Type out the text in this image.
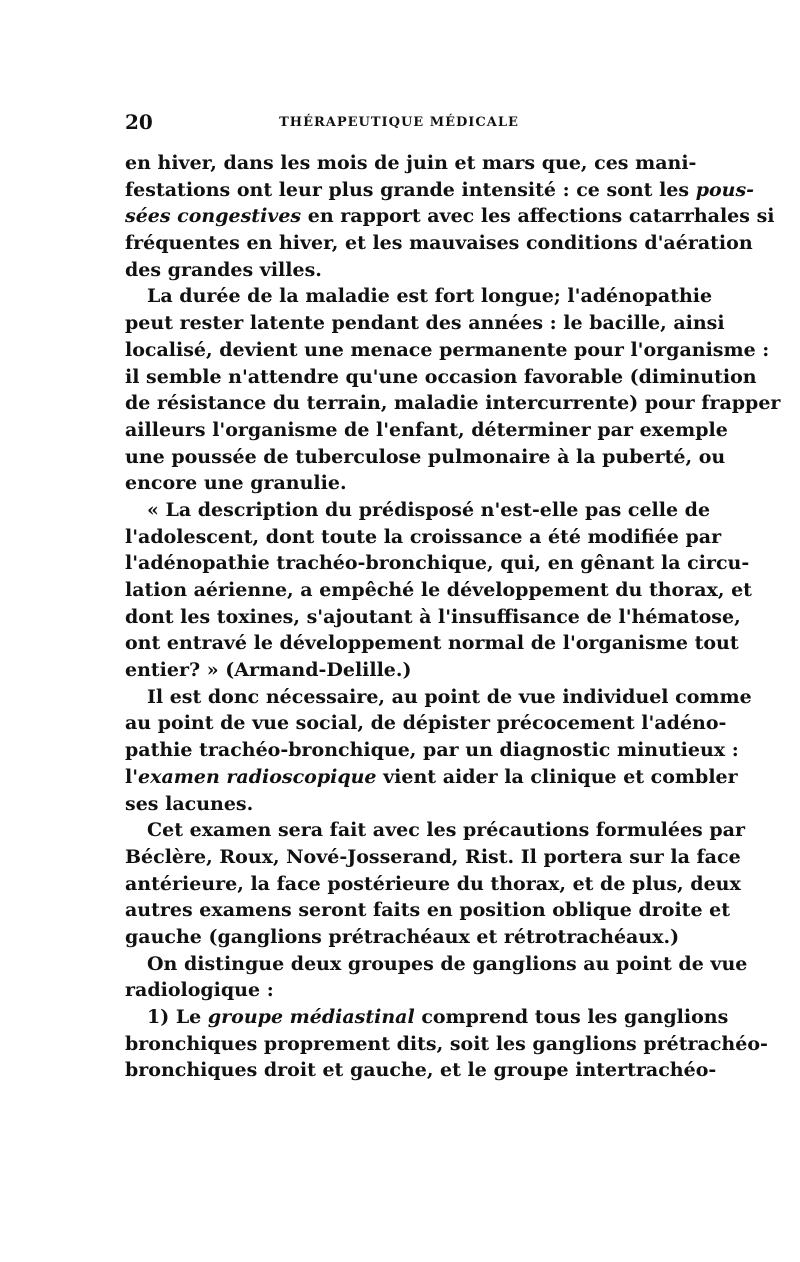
20	THÉRAPEUTIQUE MÉDICALE
en hiver, dans les mois de juin et mars que, ces mani-
festations ont leur plus grande intensité : ce sont les pous-
sées congestives en rapport avec les affections catarrhales si
fréquentes en hiver, et les mauvaises conditions d'aération
des grandes villes.
La durée de la maladie est fort longue; l'adénopathie
peut rester latente pendant des années : le bacille, ainsi
localisé, devient une menace permanente pour l'organisme :
il semble n'attendre qu'une occasion favorable (diminution
de résistance du terrain, maladie intercurrente) pour frapper
ailleurs l'organisme de l'enfant, déterminer par exemple
une poussée de tuberculose pulmonaire à la puberté, ou
encore une granulie.
« La description du prédisposé n'est-elle pas celle de
l'adolescent, dont toute la croissance a été modifiée par
l'adénopathie trachéo-bronchique, qui, en gênant la circu-
lation aérienne, a empêché le développement du thorax, et
dont les toxines, s'ajoutant à l'insuffisance de l'hématose,
ont entravé le développement normal de l'organisme tout
entier? » (Armand-Delille.)
Il est donc nécessaire, au point de vue individuel comme
au point de vue social, de dépister précocement l'adéno-
pathie trachéo-bronchique, par un diagnostic minutieux :
l'examen radioscopique vient aider la clinique et combler
ses lacunes.
Cet examen sera fait avec les précautions formulées par
Béclère, Roux, Nové-Josserand, Rist. Il portera sur la face
antérieure, la face postérieure du thorax, et de plus, deux
autres examens seront faits en position oblique droite et
gauche (ganglions prétrachéaux et rétrotrachéaux.)
On distingue deux groupes de ganglions au point de vue
radiologique :
1) Le groupe médiastinal comprend tous les ganglions
bronchiques proprement dits, soit les ganglions prétrachéo-
bronchiques droit et gauche, et le groupe intertrachéo-
